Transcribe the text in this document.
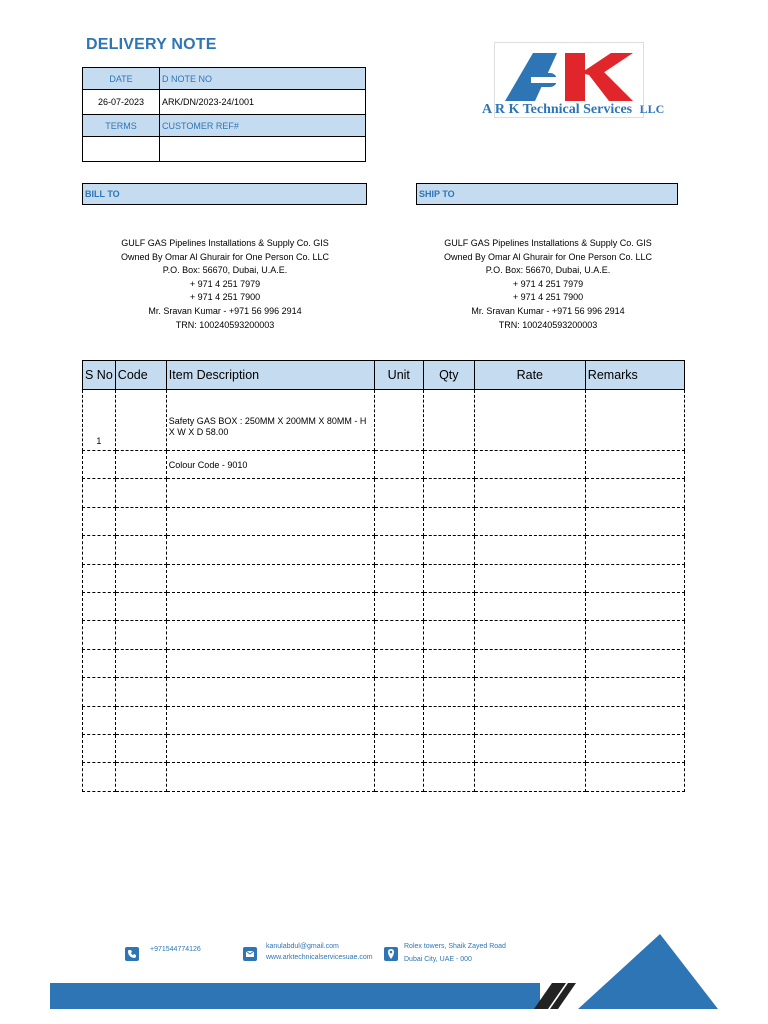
DELIVERY NOTE
DATE	D NOTE NO
26-07-2023	ARK/DN/2023-24/1001
TERMS	CUSTOMER REF#

A R K Technical Services LLC
BILL TO	SHIP TO
GULF GAS Pipelines Installations & Supply Co. GIS
Owned By Omar Al Ghurair for One Person Co. LLC
P.O. Box: 56670, Dubai, U.A.E.
+ 971 4 251 7979
+ 971 4 251 7900
Mr. Sravan Kumar - +971 56 996 2914
TRN: 100240593200003
GULF GAS Pipelines Installations & Supply Co. GIS
Owned By Omar Al Ghurair for One Person Co. LLC
P.O. Box: 56670, Dubai, U.A.E.
+ 971 4 251 7979
+ 971 4 251 7900
Mr. Sravan Kumar - +971 56 996 2914
TRN: 100240593200003
S No	Code	Item Description	Unit	Qty	Rate	Remarks
1		Safety GAS BOX : 250MM X 200MM X 80MM - H X W X D 58.00				
		Colour Code - 9010				

+971544774126	kanulabdul@gmail.com
www.arktechnicalservicesuae.com
Rolex towers, Shaik Zayed Road
Dubai City, UAE - 000
